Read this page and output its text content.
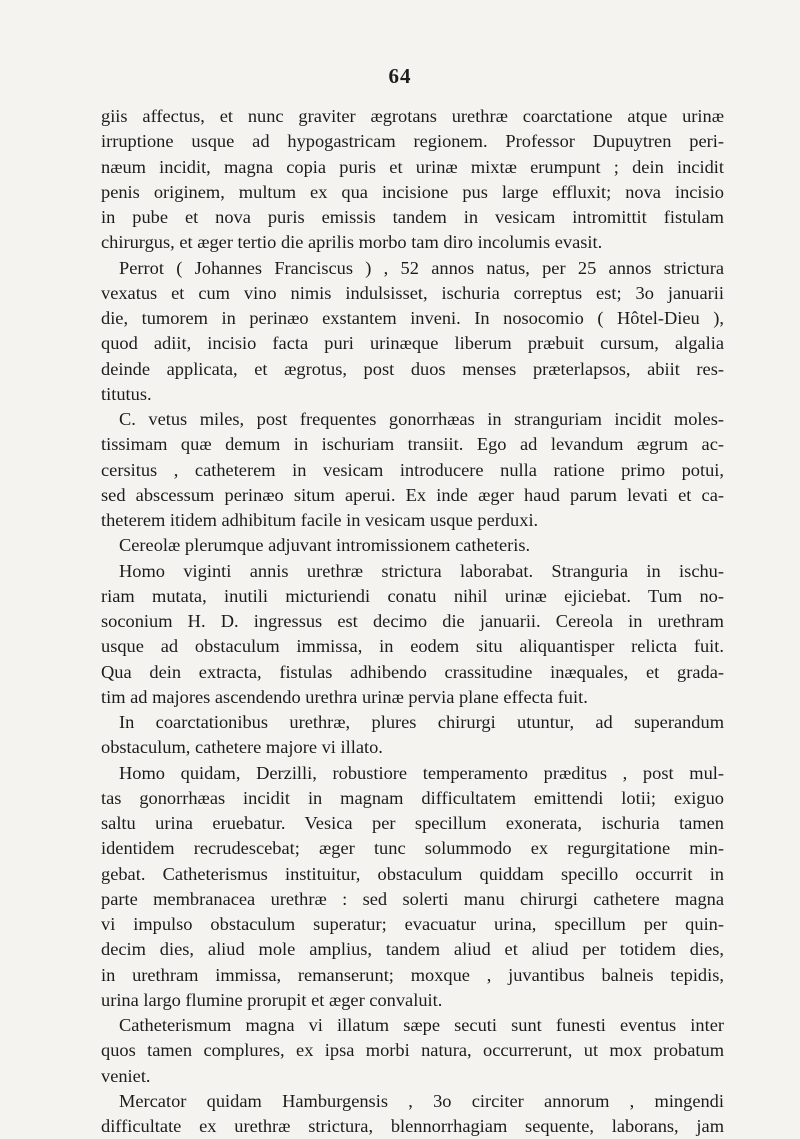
64
giis affectus, et nunc graviter ægrotans urethræ coarctatione atque urinæ
irruptione usque ad hypogastricam regionem. Professor Dupuytren peri-
næum incidit, magna copia puris et urinæ mixtæ erumpunt ; dein incidit
penis originem, multum ex qua incisione pus large effluxit; nova incisio
in pube et nova puris emissis tandem in vesicam intromittit fistulam
chirurgus, et æger tertio die aprilis morbo tam diro incolumis evasit.
Perrot ( Johannes Franciscus ) , 52 annos natus, per 25 annos strictura
vexatus et cum vino nimis indulsisset, ischuria correptus est; 3o januarii
die, tumorem in perinæo exstantem inveni. In nosocomio ( Hôtel-Dieu ),
quod adiit, incisio facta puri urinæque liberum præbuit cursum, algalia
deinde applicata, et ægrotus, post duos menses præterlapsos, abiit res-
titutus.
C. vetus miles, post frequentes gonorrhæas in stranguriam incidit moles-
tissimam quæ demum in ischuriam transiit. Ego ad levandum ægrum ac-
cersitus , catheterem in vesicam introducere nulla ratione primo potui,
sed abscessum perinæo situm aperui. Ex inde æger haud parum levati et ca-
theterem itidem adhibitum facile in vesicam usque perduxi.
Cereolæ plerumque adjuvant intromissionem catheteris.
Homo viginti annis urethræ strictura laborabat. Stranguria in ischu-
riam mutata, inutili micturiendi conatu nihil urinæ ejiciebat. Tum no-
soconium H. D. ingressus est decimo die januarii. Cereola in urethram
usque ad obstaculum immissa, in eodem situ aliquantisper relicta fuit.
Qua dein extracta, fistulas adhibendo crassitudine inæquales, et grada-
tim ad majores ascendendo urethra urinæ pervia plane effecta fuit.
In coarctationibus urethræ, plures chirurgi utuntur, ad superandum
obstaculum, cathetere majore vi illato.
Homo quidam, Derzilli, robustiore temperamento præditus , post mul-
tas gonorrhæas incidit in magnam difficultatem emittendi lotii; exiguo
saltu urina eruebatur. Vesica per specillum exonerata, ischuria tamen
identidem recrudescebat; æger tunc solummodo ex regurgitatione min-
gebat. Catheterismus instituitur, obstaculum quiddam specillo occurrit in
parte membranacea urethræ : sed solerti manu chirurgi cathetere magna
vi impulso obstaculum superatur; evacuatur urina, specillum per quin-
decim dies, aliud mole amplius, tandem aliud et aliud per totidem dies,
in urethram immissa, remanserunt; moxque , juvantibus balneis tepidis,
urina largo flumine prorupit et æger convaluit.
Catheterismum magna vi illatum sæpe secuti sunt funesti eventus inter
quos tamen complures, ex ipsa morbi natura, occurrerunt, ut mox probatum
veniet.
Mercator quidam Hamburgensis , 3o circiter annorum , mingendi
difficultate ex urethræ strictura, blennorrhagiam sequente, laborans, jam
